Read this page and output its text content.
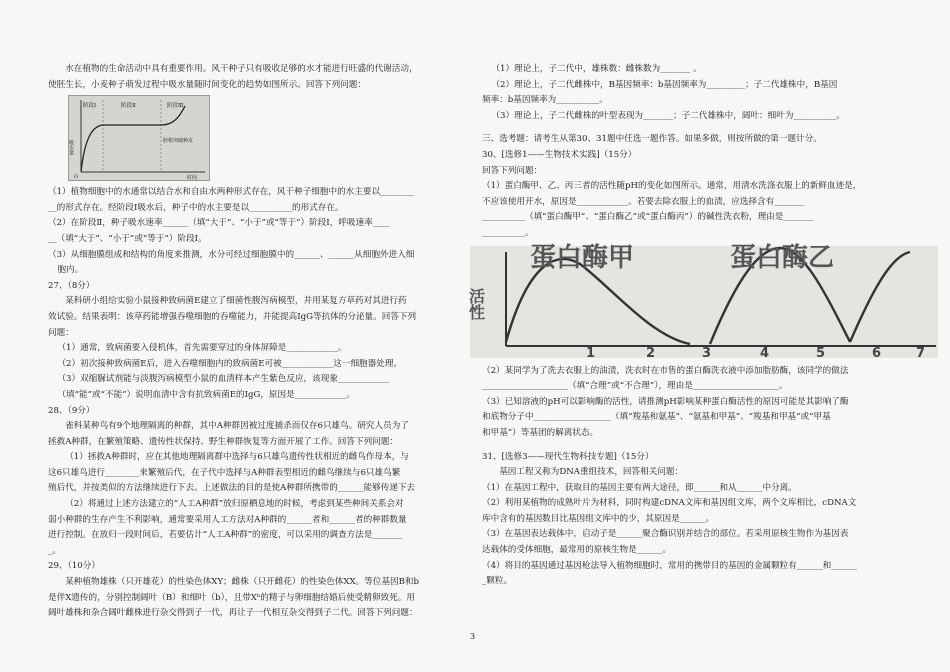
水在植物的生命活动中具有重要作用。风干种子只有吸收足够的水才能进行旺盛的代谢活动，

使胚生长，小麦种子萌发过程中吸水量随时间变化的趋势如图所示。回答下列问题：

阶段Ⅰ	阶段Ⅱ	阶段Ⅲ
胚根突破种皮
吸水量
时间
O

（1）植物细胞中的水通常以结合水和自由水两种形式存在，风干种子细胞中的水主要以________

__的形式存在。经阶段Ⅰ吸水后，种子中的水主要是以__________的形式存在。

（2）在阶段Ⅱ，种子吸水速率______（填“大于”、“小于”或“等于”）阶段Ⅰ，呼吸速率____

__（填“大于”、“小于”或“等于”）阶段Ⅰ。

（3）从细胞膜组成和结构的角度来推测，水分可经过细胞膜中的______、______从细胞外进入细

胞内。

27、（8分）

某科研小组给实验小鼠接种致病菌E建立了细菌性腹泻病模型，并用某复方草药对其进行药

效试验。结果表明：该草药能增强吞噬细胞的吞噬能力，并能提高IgG等抗体的分泌量。回答下列

问题：

（1）通常，致病菌要入侵机体，首先需要穿过的身体屏障是____________。

（2）初次接种致病菌E后，进入吞噬细胞内的致病菌E可被____________这一细胞器处理。

（3）双缩脲试剂能与淡腹泻病模型小鼠的血清样本产生紫色反应，该现象____________

（填“能”或“不能”）说明血清中含有抗致病菌E的IgG，原因是____________。

28、（9分）

雀科某种鸟有9个地理隔离的种群，其中A种群因被过度捕杀而仅存6只雄鸟。研究人员为了

拯救A种群，在繁殖策略、遗传性状保持、野生种群恢复等方面开展了工作。回答下列问题：

（1）拯救A种群时，应在其他地理隔离群中选择与6只雄鸟遗传性状相近的雌鸟作母本，与

这6只雄鸟进行________来繁殖后代，在子代中选择与A种群表型相近的雌鸟继续与6只雄鸟繁

殖后代，并按类似的方法继续进行下去。上述做法的目的是使A种群所携带的______能够传递下去

（2）将通过上述方法建立的“人工A种群”放归原栖息地的时候，考虑到某些种间关系会对

弱小种群的生存产生不利影响，通常要采用人工方法对A种群的______者和______者的种群数量

进行控制。在放归一段时间后，若要估计“人工A种群”的密度，可以采用的调查方法是_______

_。

29、（10分）

某种植物雄株（只开雄花）的性染色体XY；雌株（只开雌花）的性染色体XX。等位基因B和b

是伴X遗传的，分别控制阔叶（B）和细叶（b），且带Xᵇ的精子与卵细胞结婚后使受精卵致死。用

阔叶雄株和杂合阔叶雌株进行杂交得到子一代，再让子一代相互杂交得到子二代。回答下列问题：

（1）理论上，子二代中，雄株数：雌株数为_______ 。

（2）理论上，子二代雌株中，B基因频率：b基因频率为_________；子二代雄株中，B基因

频率：b基因频率为__________。

（3）理论上，子二代雌株的叶型表现为_______；子二代雄株中，阔叶：细叶为__________。

三、选考题：请考生从第30、31题中任选一题作答。如果多做，则按所做的第一题计分。

30、[选修1——生物技术实践]（15分）

回答下列问题：

（1）蛋白酶甲、乙、丙三者的活性随pH的变化如图所示。通常，用清水洗涤衣服上的新鲜血迹是，

不应该使用开水，原因是____________。若要去除衣服上的血渍，应选择含有_______

__________（填“蛋白酶甲”、“蛋白酶乙”或“蛋白酶丙”）的碱性洗衣粉，理由是_______

__________。

蛋白酶甲	蛋白酶乙
活性
1	2	3	4	5	6	7

（2）某同学为了洗去衣服上的油渍，洗衣时在市售的蛋白酶洗衣液中添加脂肪酶，该同学的做法

____________________（填“合理”或“不合理”），理由是____________________。

（3）已知溶液的pH可以影响酶的活性，请推测pH影响某种蛋白酶活性的原因可能是其影响了酶

和底物分子中__________________（填“羧基和氨基”、“氨基和甲基”、“羧基和甲基”或“甲基

和甲基”）等基团的解离状态。

31、[选修3——现代生物科技专题]（15分）

基因工程又称为DNA重组技术，回答相关问题：

（1）在基因工程中，获取目的基因主要有两大途径，即______和从______中分离。

（2）利用某植物的成熟叶片为材料，同时构建cDNA文库和基因组文库，两个文库相比，cDNA文

库中含有的基因数目比基因组文库中的少，其原因是______。

（3）在基因表达载体中，启动子是______聚合酶识别并结合的部位。若采用原核生物作为基因表

达载体的受体细胞，最常用的原核生物是______。

（4）将目的基因通过基因枪法导入植物细胞时，常用的携带目的基因的金属颗粒有______和______

_颗粒。

3
